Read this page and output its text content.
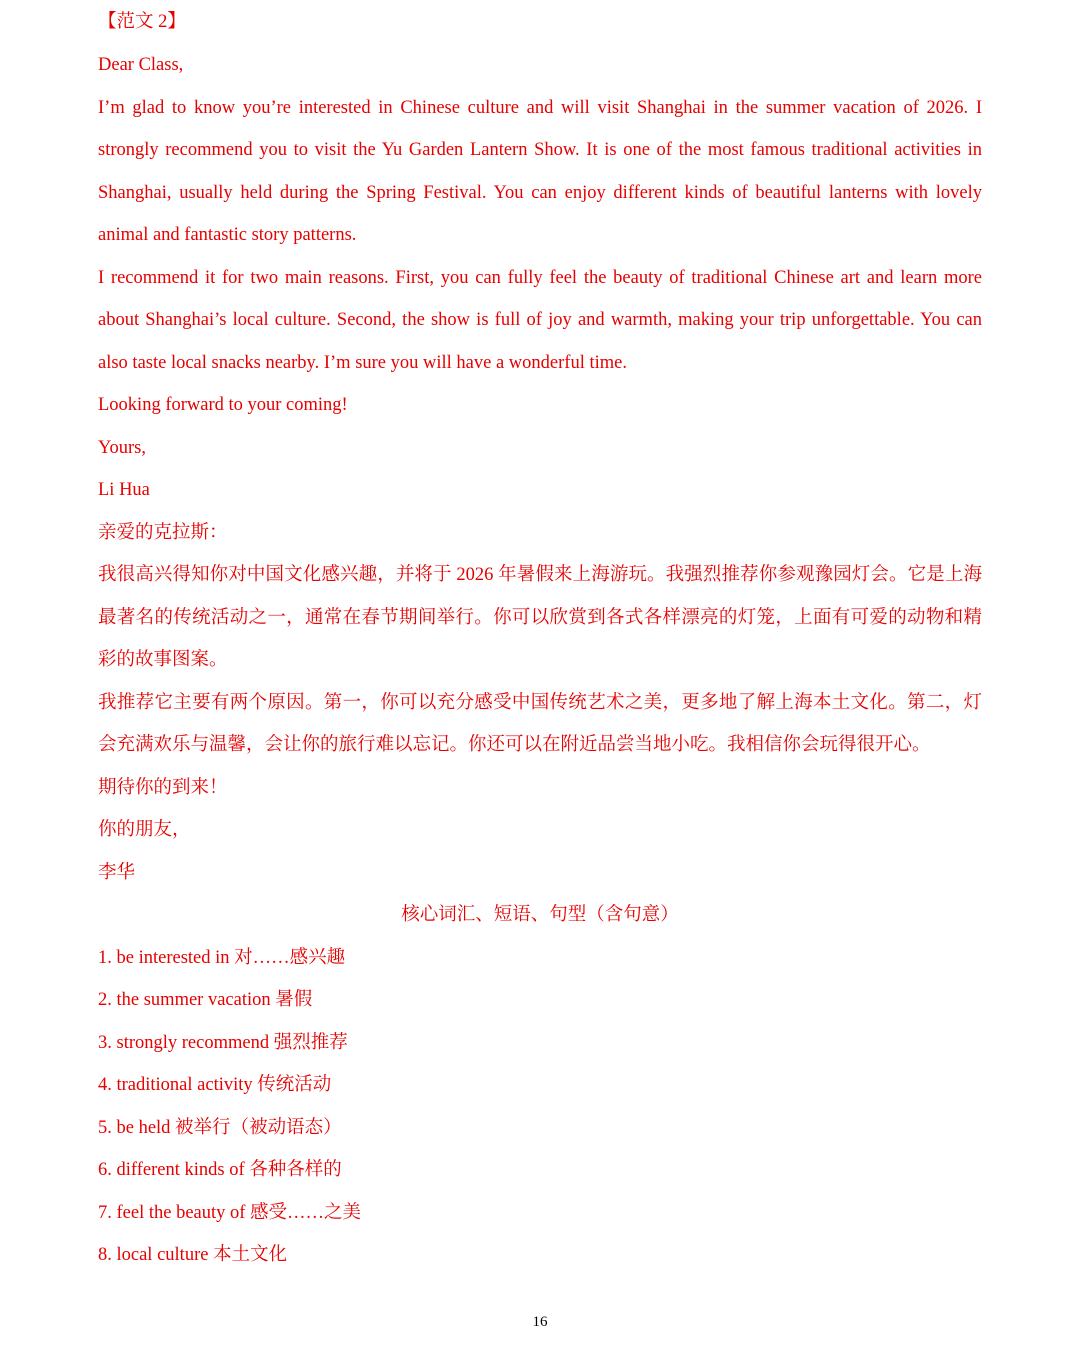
【范文 2】
Dear Class,
I’m glad to know you’re interested in Chinese culture and will visit Shanghai in the summer vacation of 2026. I strongly recommend you to visit the Yu Garden Lantern Show. It is one of the most famous traditional activities in Shanghai, usually held during the Spring Festival. You can enjoy different kinds of beautiful lanterns with lovely animal and fantastic story patterns.
I recommend it for two main reasons. First, you can fully feel the beauty of traditional Chinese art and learn more about Shanghai’s local culture. Second, the show is full of joy and warmth, making your trip unforgettable. You can also taste local snacks nearby. I’m sure you will have a wonderful time.
Looking forward to your coming!
Yours,
Li Hua
亲爱的克拉斯：
我很高兴得知你对中国文化感兴趣，并将于 2026 年暑假来上海游玩。我强烈推荐你参观豫园灯会。它是上海最著名的传统活动之一，通常在春节期间举行。你可以欣赏到各式各样漂亮的灯笼，上面有可爱的动物和精彩的故事图案。
我推荐它主要有两个原因。第一，你可以充分感受中国传统艺术之美，更多地了解上海本土文化。第二，灯会充满欢乐与温馨，会让你的旅行难以忘记。你还可以在附近品尝当地小吃。我相信你会玩得很开心。
期待你的到来！
你的朋友，
李华
核心词汇、短语、句型（含句意）
1. be interested in 对……感兴趣
2. the summer vacation 暑假
3. strongly recommend 强烈推荐
4. traditional activity 传统活动
5. be held 被举行（被动语态）
6. different kinds of 各种各样的
7. feel the beauty of 感受……之美
8. local culture 本土文化
16
